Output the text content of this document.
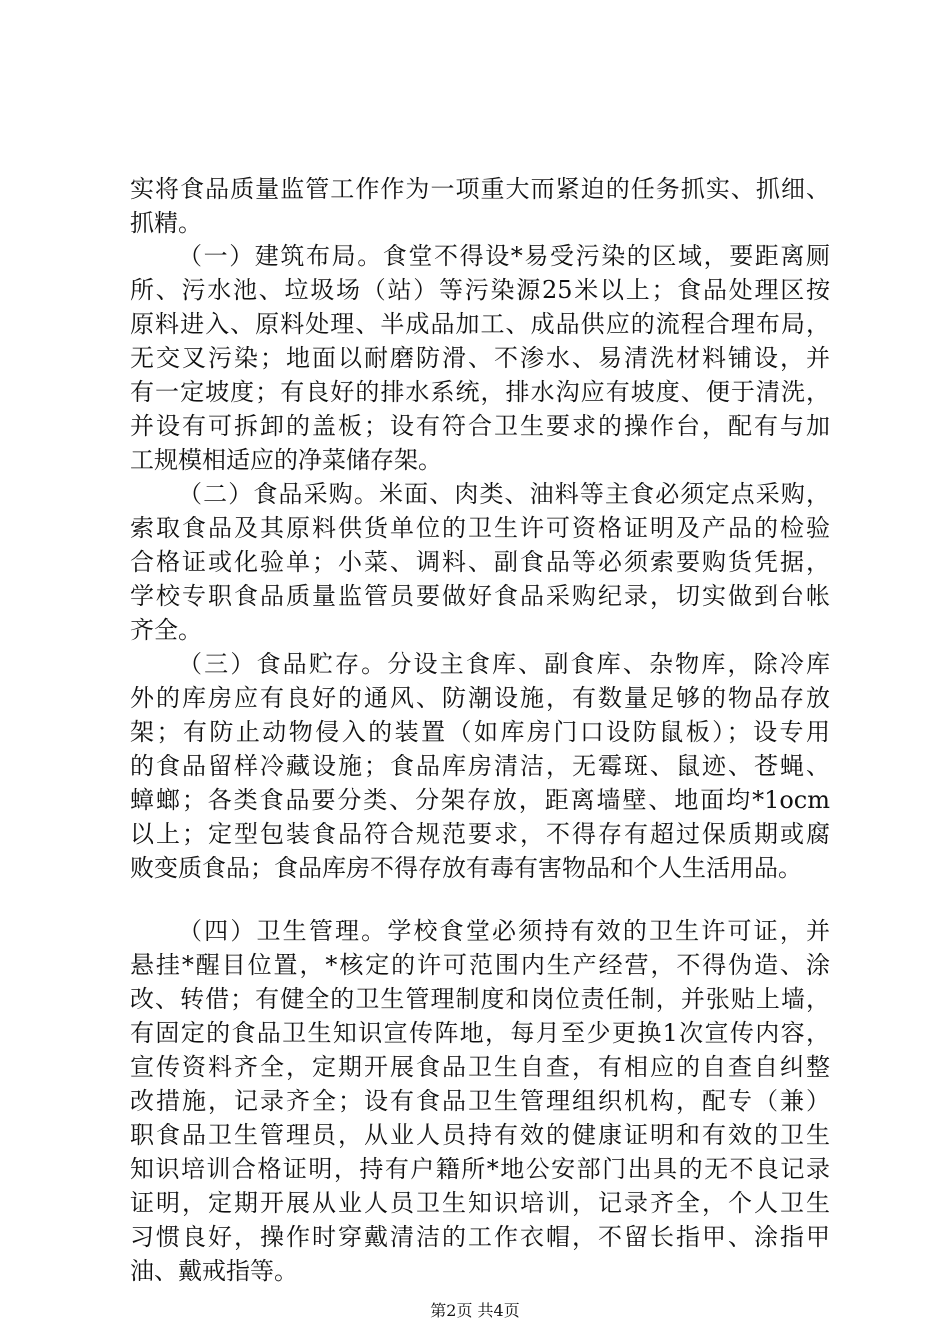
实将食品质量监管工作作为一项重大而紧迫的任务抓实、抓细、
抓精。
（一）建筑布局。食堂不得设*易受污染的区域，要距离厕
所、污水池、垃圾场（站）等污染源25米以上；食品处理区按
原料进入、原料处理、半成品加工、成品供应的流程合理布局，
无交叉污染；地面以耐磨防滑、不渗水、易清洗材料铺设，并
有一定坡度；有良好的排水系统，排水沟应有坡度、便于清洗，
并设有可拆卸的盖板；设有符合卫生要求的操作台，配有与加
工规模相适应的净菜储存架。
（二）食品采购。米面、肉类、油料等主食必须定点采购，
索取食品及其原料供货单位的卫生许可资格证明及产品的检验
合格证或化验单；小菜、调料、副食品等必须索要购货凭据，
学校专职食品质量监管员要做好食品采购纪录，切实做到台帐
齐全。
（三）食品贮存。分设主食库、副食库、杂物库，除冷库
外的库房应有良好的通风、防潮设施，有数量足够的物品存放
架；有防止动物侵入的装置（如库房门口设防鼠板）；设专用
的食品留样冷藏设施；食品库房清洁，无霉斑、鼠迹、苍蝇、
蟑螂；各类食品要分类、分架存放，距离墙壁、地面均*1ocm
以上；定型包装食品符合规范要求，不得存有超过保质期或腐
败变质食品；食品库房不得存放有毒有害物品和个人生活用品。
（四）卫生管理。学校食堂必须持有效的卫生许可证，并
悬挂*醒目位置，*核定的许可范围内生产经营，不得伪造、涂
改、转借；有健全的卫生管理制度和岗位责任制，并张贴上墙，
有固定的食品卫生知识宣传阵地，每月至少更换1次宣传内容，
宣传资料齐全，定期开展食品卫生自查，有相应的自查自纠整
改措施，记录齐全；设有食品卫生管理组织机构，配专（兼）
职食品卫生管理员，从业人员持有效的健康证明和有效的卫生
知识培训合格证明，持有户籍所*地公安部门出具的无不良记录
证明，定期开展从业人员卫生知识培训，记录齐全，个人卫生
习惯良好，操作时穿戴清洁的工作衣帽，不留长指甲、涂指甲
油、戴戒指等。
第2页 共4页
